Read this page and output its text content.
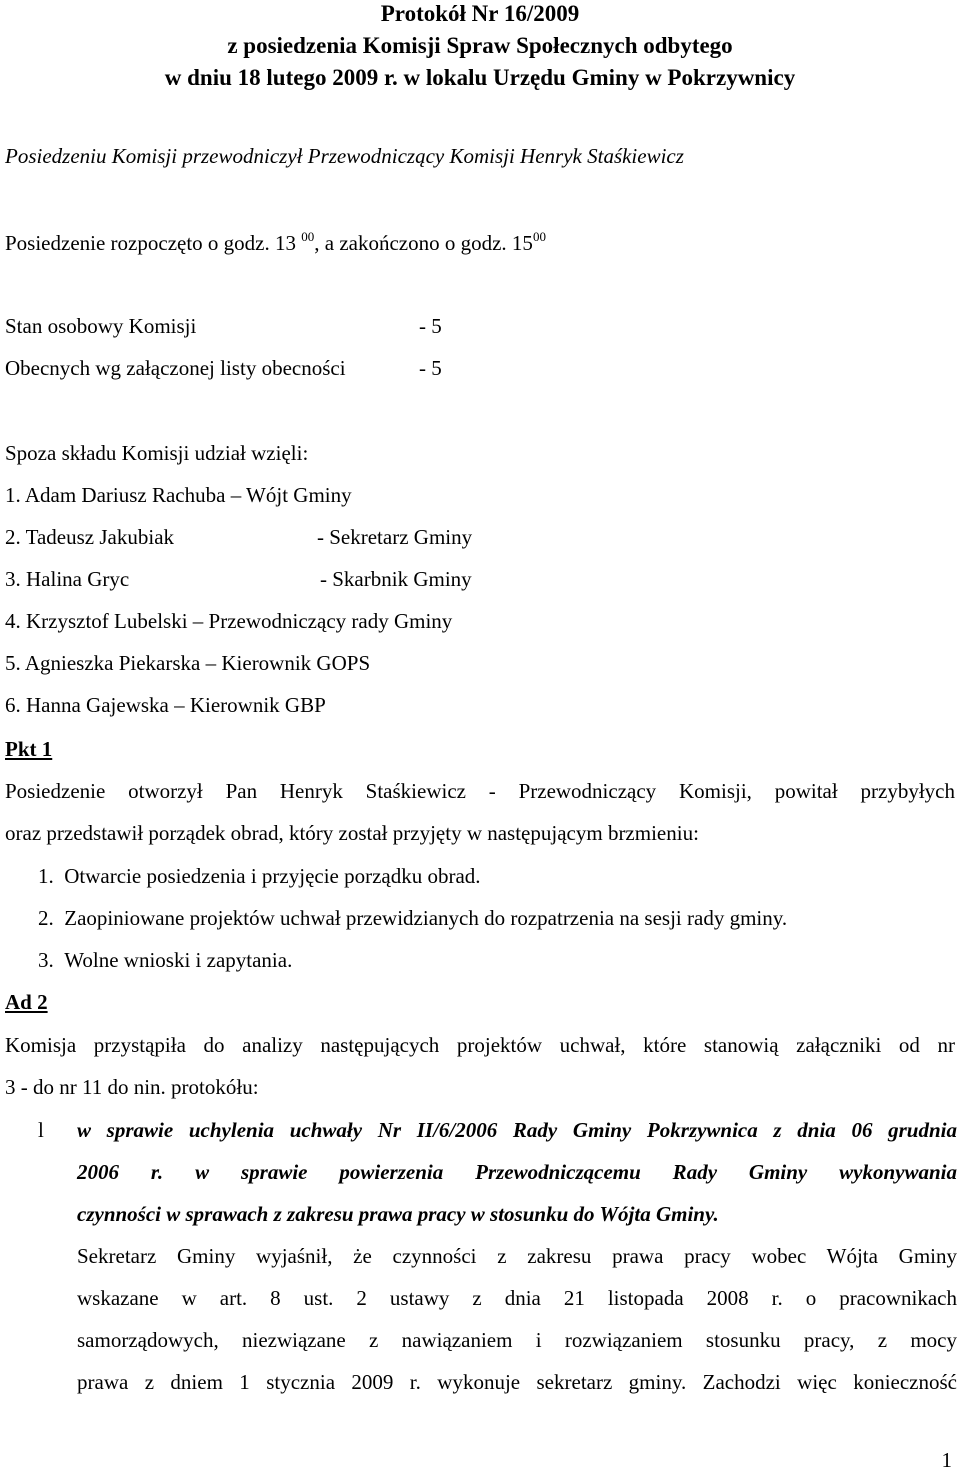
Protokół Nr 16/2009
z posiedzenia Komisji Spraw Społecznych odbytego
w dniu 18 lutego 2009 r. w lokalu Urzędu Gminy w Pokrzywnicy
Posiedzeniu Komisji przewodniczył Przewodniczący Komisji Henryk Staśkiewicz
Posiedzenie rozpoczęto o godz. 13 $^{00}$, a zakończono o godz. $15^{00}$
Stan osobowy Komisji	- 5
Obecnych wg załączonej listy obecności	- 5
Spoza składu Komisji udział wzięli:
1. Adam Dariusz Rachuba – Wójt Gminy
2. Tadeusz Jakubiak	- Sekretarz Gminy
3. Halina Gryc	- Skarbnik Gminy
4. Krzysztof Lubelski – Przewodniczący rady Gminy
5. Agnieszka Piekarska – Kierownik GOPS
6. Hanna Gajewska – Kierownik GBP
Pkt 1
Posiedzenie otworzył Pan Henryk Staśkiewicz - Przewodniczący Komisji, powitał przybyłych
oraz przedstawił porządek obrad, który został przyjęty w następującym brzmieniu:
1. Otwarcie posiedzenia i przyjęcie porządku obrad.
2. Zaopiniowane projektów uchwał przewidzianych do rozpatrzenia na sesji rady gminy.
3. Wolne wnioski i zapytania.
Ad 2
Komisja przystąpiła do analizy następujących projektów uchwał, które stanowią załączniki od nr
3 - do nr 11 do nin. protokółu:
l w sprawie uchylenia uchwały Nr II/6/2006 Rady Gminy Pokrzywnica z dnia 06 grudnia
2006 r. w sprawie powierzenia Przewodniczącemu Rady Gminy wykonywania
czynności w sprawach z zakresu prawa pracy w stosunku do Wójta Gminy.
Sekretarz Gminy wyjaśnił, że czynności z zakresu prawa pracy wobec Wójta Gminy
wskazane w art. 8 ust. 2 ustawy z dnia 21 listopada 2008 r. o pracownikach
samorządowych, niezwiązane z nawiązaniem i rozwiązaniem stosunku pracy, z mocy
prawa z dniem 1 stycznia 2009 r. wykonuje sekretarz gminy. Zachodzi więc konieczność
1
